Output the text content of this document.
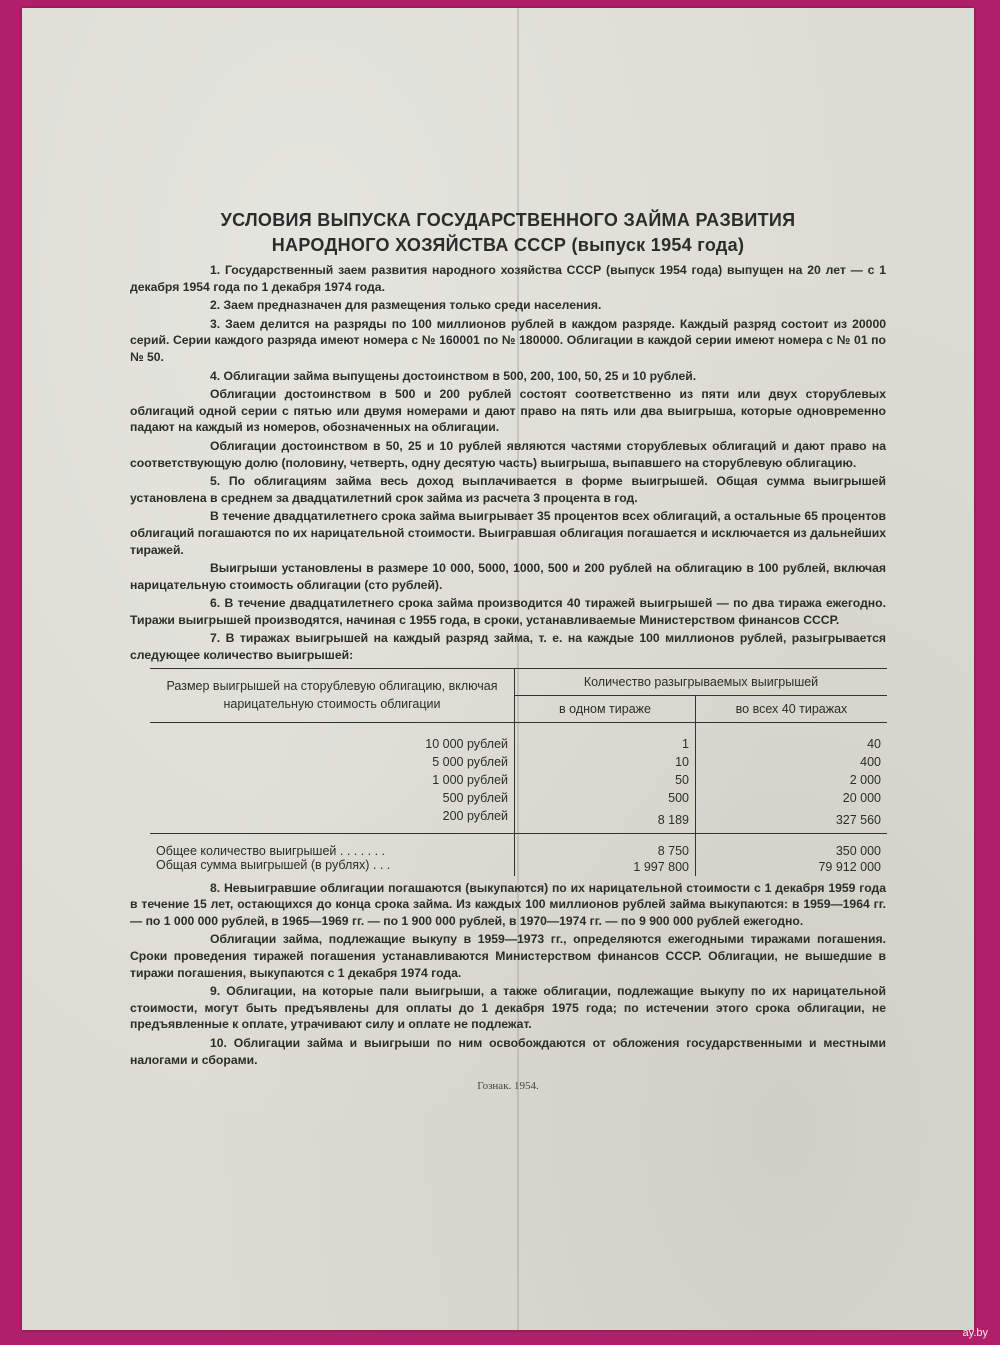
УСЛОВИЯ ВЫПУСКА ГОСУДАРСТВЕННОГО ЗАЙМА РАЗВИТИЯ
НАРОДНОГО ХОЗЯЙСТВА СССР (выпуск 1954 года)

1. Государственный заем развития народного хозяйства СССР (выпуск 1954 года) выпущен на 20 лет — с 1 декабря 1954 года по 1 декабря 1974 года.

2. Заем предназначен для размещения только среди населения.

3. Заем делится на разряды по 100 миллионов рублей в каждом разряде. Каждый разряд состоит из 20000 серий. Серии каждого разряда имеют номера с № 160001 по № 180000. Облигации в каждой серии имеют номера с № 01 по № 50.

4. Облигации займа выпущены достоинством в 500, 200, 100, 50, 25 и 10 рублей.

Облигации достоинством в 500 и 200 рублей состоят соответственно из пяти или двух сторублевых облигаций одной серии с пятью или двумя номерами и дают право на пять или два выигрыша, которые одновременно падают на каждый из номеров, обозначенных на облигации.

Облигации достоинством в 50, 25 и 10 рублей являются частями сторублевых облигаций и дают право на соответствующую долю (половину, четверть, одну десятую часть) выигрыша, выпавшего на сторублевую облигацию.

5. По облигациям займа весь доход выплачивается в форме выигрышей. Общая сумма выигрышей установлена в среднем за двадцатилетний срок займа из расчета 3 процента в год.

В течение двадцатилетнего срока займа выигрывает 35 процентов всех облигаций, а остальные 65 процентов облигаций погашаются по их нарицательной стоимости. Выигравшая облигация погашается и исключается из дальнейших тиражей.

Выигрыши установлены в размере 10 000, 5000, 1000, 500 и 200 рублей на облигацию в 100 рублей, включая нарицательную стоимость облигации (сто рублей).

6. В течение двадцатилетнего срока займа производится 40 тиражей выигрышей — по два тиража ежегодно. Тиражи выигрышей производятся, начиная с 1955 года, в сроки, устанавливаемые Министерством финансов СССР.

7. В тиражах выигрышей на каждый разряд займа, т. е. на каждые 100 миллионов рублей, разыгрывается следующее количество выигрышей:

Размер выигрышей на сторублевую облигацию, включая нарицательную стоимость облигации	Количество разыгрываемых выигрышей	
	в одном тираже	во всех 40 тиражах
10 000 рублей	1	40
5 000 рублей	10	400
1 000 рублей	50	2 000
500 рублей	500	20 000
200 рублей	8 189	327 560
Общее количество выигрышей . . . . . . .	8 750	350 000
Общая сумма выигрышей (в рублях) . . .	1 997 800	79 912 000

8. Невыигравшие облигации погашаются (выкупаются) по их нарицательной стоимости с 1 декабря 1959 года в течение 15 лет, остающихся до конца срока займа. Из каждых 100 миллионов рублей займа выкупаются: в 1959—1964 гг. — по 1 000 000 рублей, в 1965—1969 гг. — по 1 900 000 рублей, в 1970—1974 гг. — по 9 900 000 рублей ежегодно.

Облигации займа, подлежащие выкупу в 1959—1973 гг., определяются ежегодными тиражами погашения. Сроки проведения тиражей погашения устанавливаются Министерством финансов СССР. Облигации, не вышедшие в тиражи погашения, выкупаются с 1 декабря 1974 года.

9. Облигации, на которые пали выигрыши, а также облигации, подлежащие выкупу по их нарицательной стоимости, могут быть предъявлены для оплаты до 1 декабря 1975 года; по истечении этого срока облигации, не предъявленные к оплате, утрачивают силу и оплате не подлежат.

10. Облигации займа и выигрыши по ним освобождаются от обложения государственными и местными налогами и сборами.

Гознак. 1954.
ay.by
